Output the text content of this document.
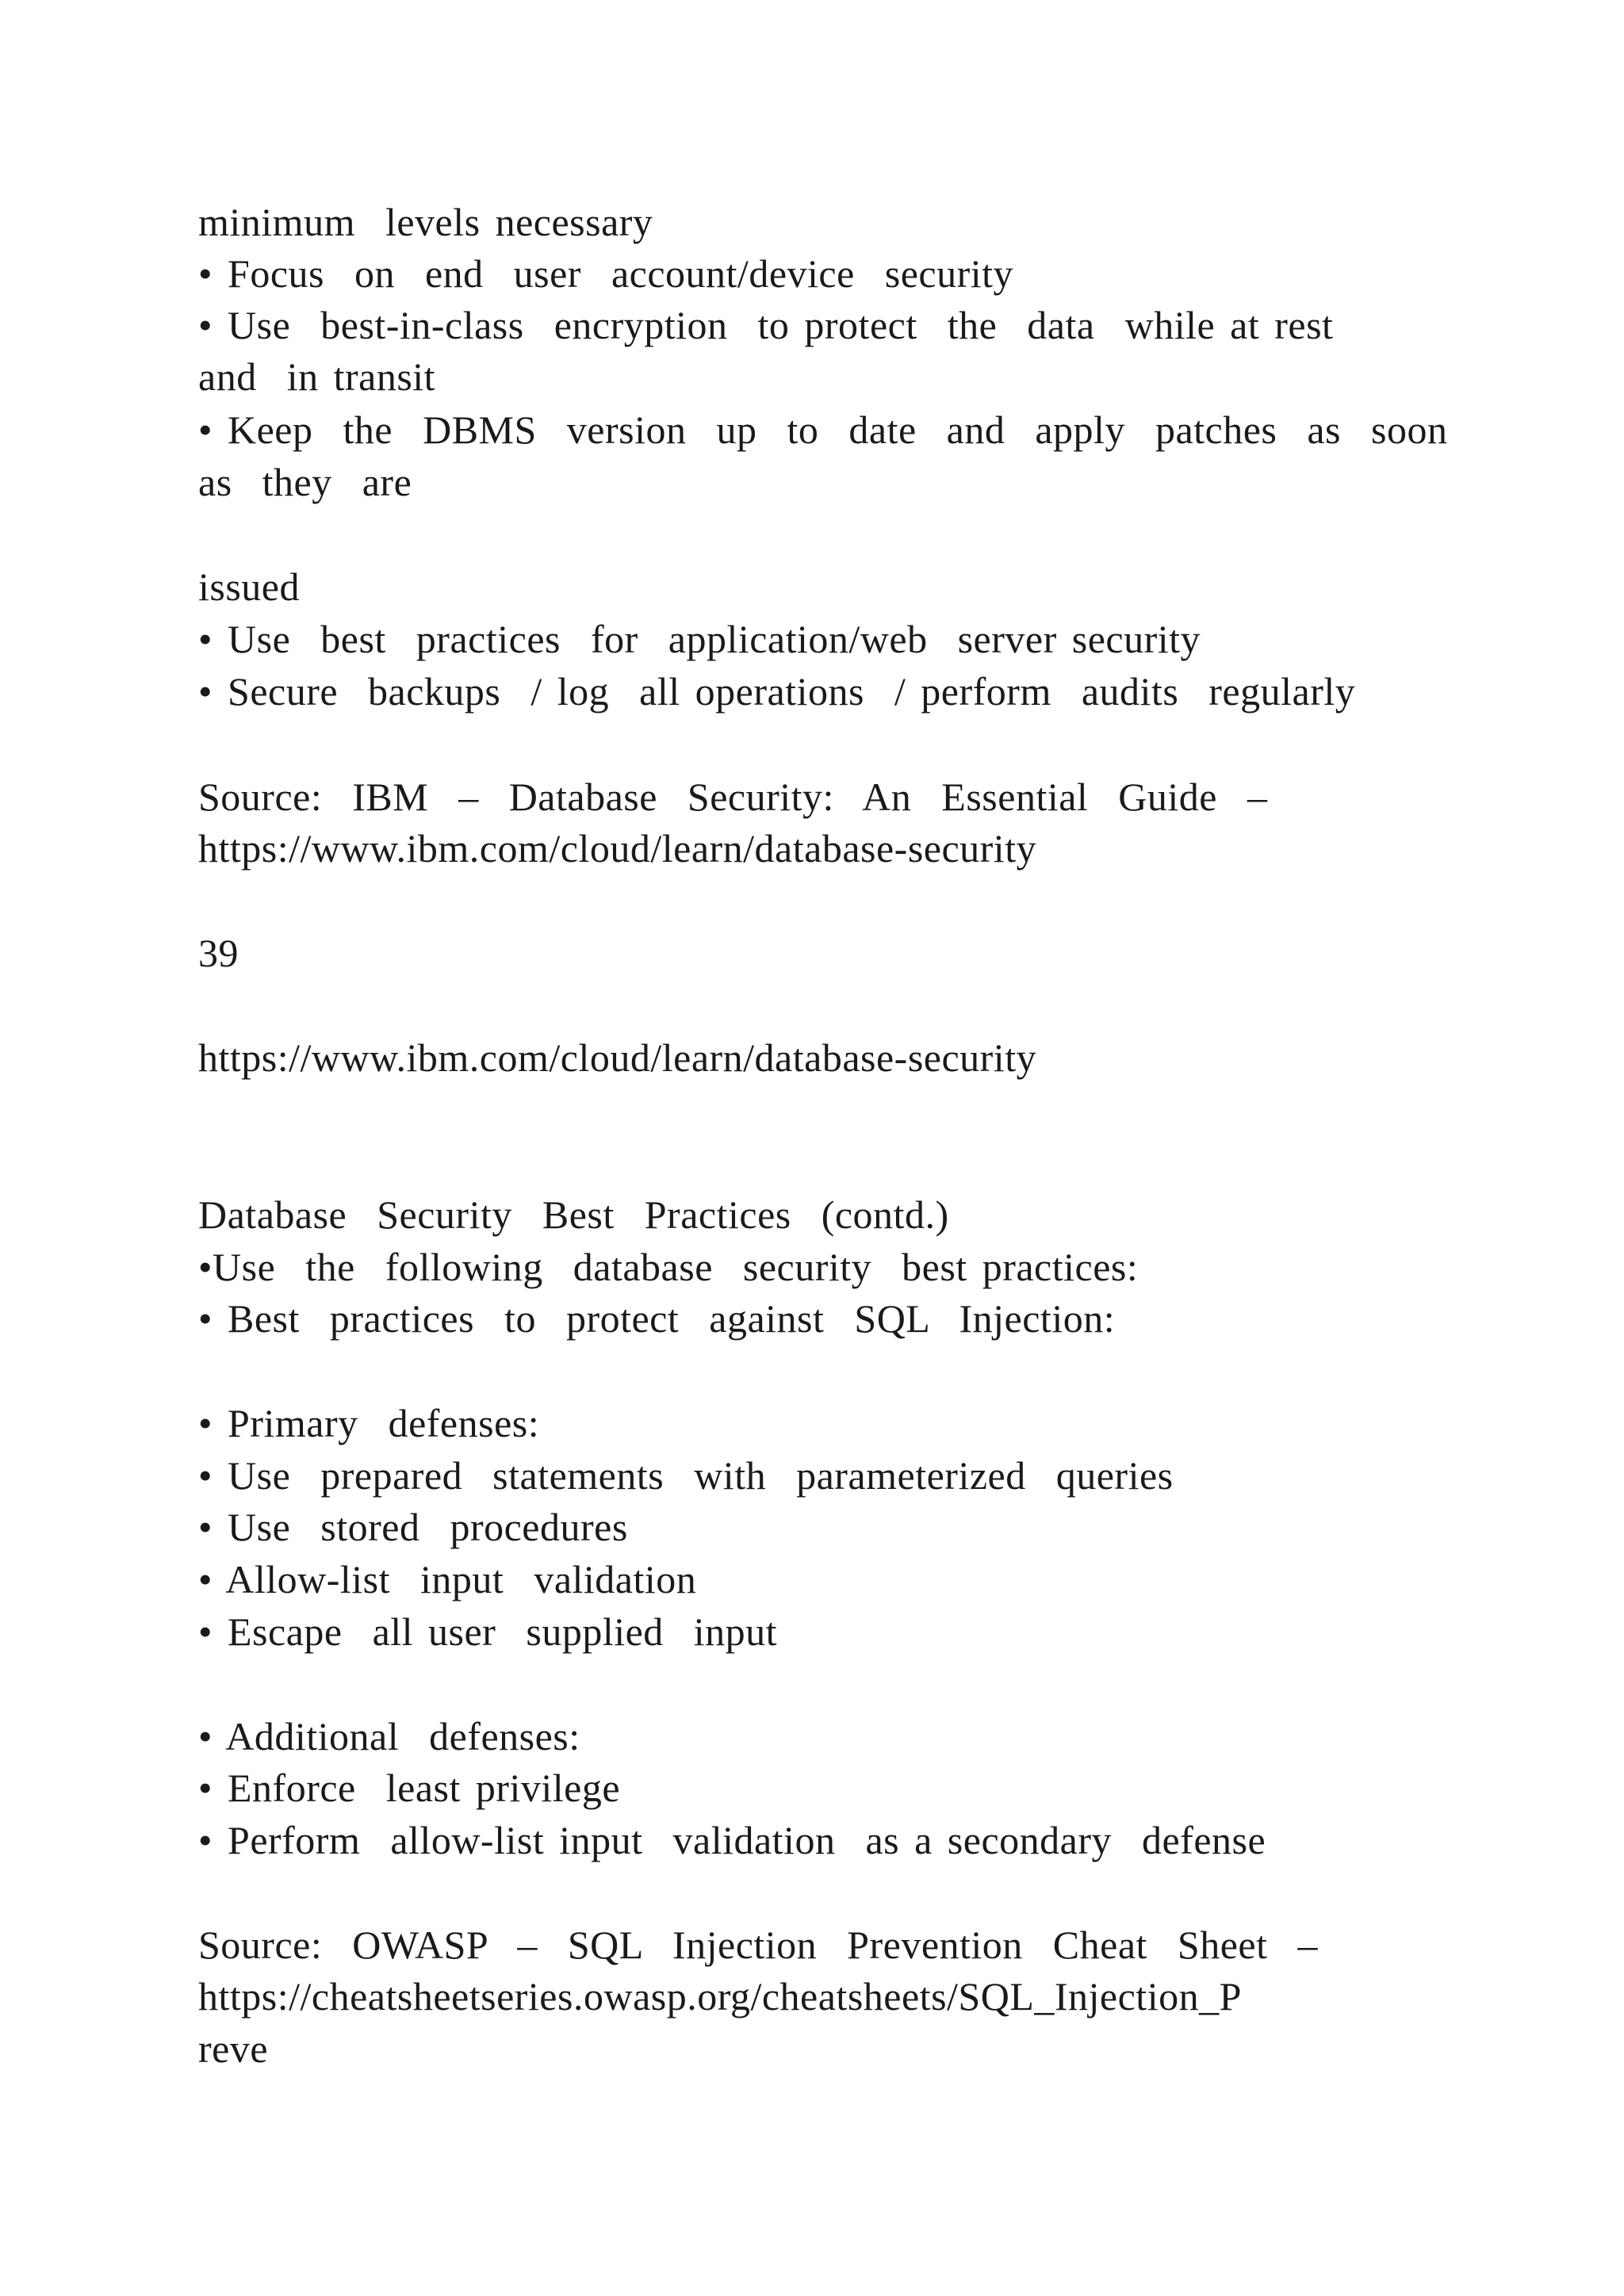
minimum  levels necessary
• Focus  on  end  user  account/device  security
• Use  best-in-class  encryption  to protect  the  data  while at rest
and  in transit
• Keep  the  DBMS  version  up  to  date  and  apply  patches  as  soon
as  they  are
issued
• Use  best  practices  for  application/web  server security
• Secure  backups  / log  all operations  / perform  audits  regularly
Source:  IBM  –  Database  Security:  An  Essential  Guide  –
https://www.ibm.com/cloud/learn/database-security
39
https://www.ibm.com/cloud/learn/database-security
Database  Security  Best  Practices  (contd.)
•Use  the  following  database  security  best practices:
• Best  practices  to  protect  against  SQL  Injection:
• Primary  defenses:
• Use  prepared  statements  with  parameterized  queries
• Use  stored  procedures
• Allow-list  input  validation
• Escape  all user  supplied  input
• Additional  defenses:
• Enforce  least privilege
• Perform  allow-list input  validation  as a secondary  defense
Source:  OWASP  –  SQL  Injection  Prevention  Cheat  Sheet  –
https://cheatsheetseries.owasp.org/cheatsheets/SQL_Injection_P
reve
